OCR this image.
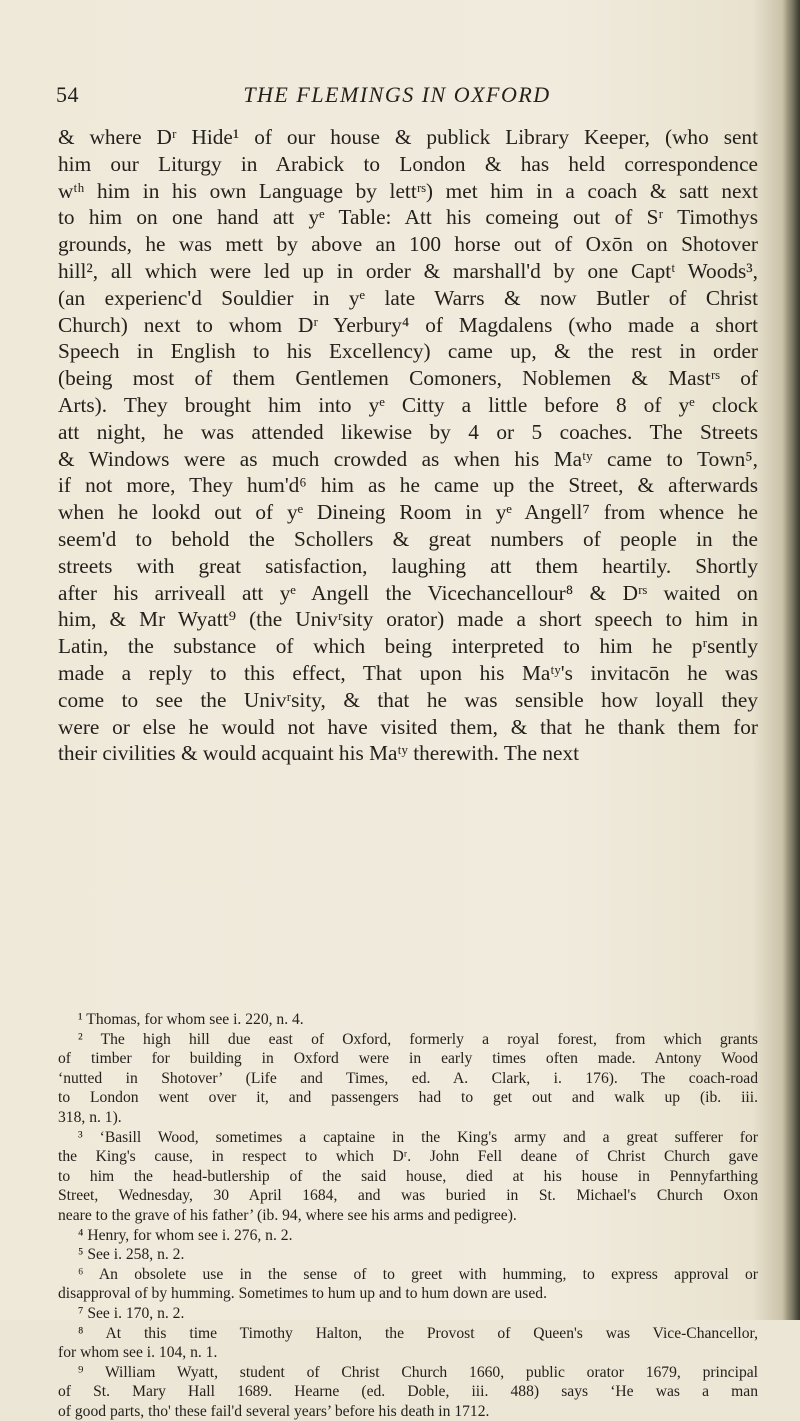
54	THE FLEMINGS IN OXFORD
& where Dʳ Hide¹ of our house & publick Library Keeper, (who sent
him our Liturgy in Arabick to London & has held correspondence
wᵗʰ him in his own Language by lettʳˢ) met him in a coach & satt next
to him on one hand att yᵉ Table: Att his comeing out of Sʳ Timothys
grounds, he was mett by above an 100 horse out of Oxōn on Shotover
hill², all which were led up in order & marshall'd by one Captᵗ Woods³,
(an experienc'd Souldier in yᵉ late Warrs & now Butler of Christ
Church) next to whom Dʳ Yerbury⁴ of Magdalens (who made a short
Speech in English to his Excellency) came up, & the rest in order
(being most of them Gentlemen Comoners, Noblemen & Mastʳˢ of
Arts). They brought him into yᵉ Citty a little before 8 of yᵉ clock
att night, he was attended likewise by 4 or 5 coaches. The Streets
& Windows were as much crowded as when his Maᵗʸ came to Town⁵,
if not more, They hum'd⁶ him as he came up the Street, & afterwards
when he lookd out of yᵉ Dineing Room in yᵉ Angell⁷ from whence he
seem'd to behold the Schollers & great numbers of people in the
streets with great satisfaction, laughing att them heartily. Shortly
after his arriveall att yᵉ Angell the Vicechancellour⁸ & Dʳˢ waited on
him, & Mr Wyatt⁹ (the Univʳsity orator) made a short speech to him in
Latin, the substance of which being interpreted to him he pʳsently
made a reply to this effect, That upon his Maᵗʸ's invitacōn he was
come to see the Univʳsity, & that he was sensible how loyall they
were or else he would not have visited them, & that he thank them for
their civilities & would acquaint his Maᵗʸ therewith. The next
¹ Thomas, for whom see i. 220, n. 4.
² The high hill due east of Oxford, formerly a royal forest, from which grants
of timber for building in Oxford were in early times often made. Antony Wood
‘nutted in Shotover’ (Life and Times, ed. A. Clark, i. 176). The coach-road
to London went over it, and passengers had to get out and walk up (ib. iii.
318, n. 1).
³ ‘Basill Wood, sometimes a captaine in the King's army and a great sufferer for
the King's cause, in respect to which Dʳ. John Fell deane of Christ Church gave
to him the head-butlership of the said house, died at his house in Pennyfarthing
Street, Wednesday, 30 April 1684, and was buried in St. Michael's Church Oxon
neare to the grave of his father’ (ib. 94, where see his arms and pedigree).
⁴ Henry, for whom see i. 276, n. 2.
⁵ See i. 258, n. 2.
⁶ An obsolete use in the sense of to greet with humming, to express approval or
disapproval of by humming. Sometimes to hum up and to hum down are used.
⁷ See i. 170, n. 2.
⁸ At this time Timothy Halton, the Provost of Queen's was Vice-Chancellor,
for whom see i. 104, n. 1.
⁹ William Wyatt, student of Christ Church 1660, public orator 1679, principal
of St. Mary Hall 1689. Hearne (ed. Doble, iii. 488) says ‘He was a man
of good parts, tho' these fail'd several years’ before his death in 1712.
